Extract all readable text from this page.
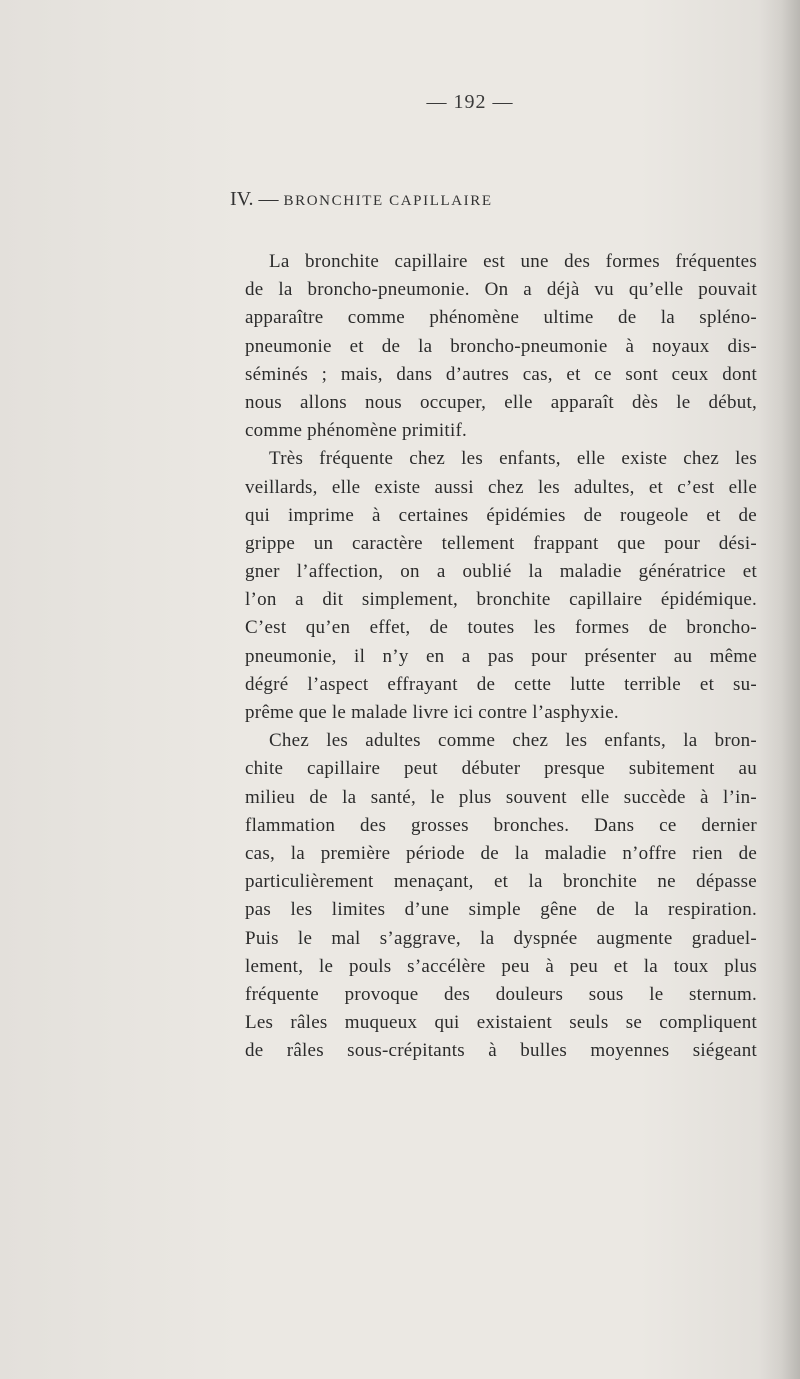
— 192 —
IV. — BRONCHITE CAPILLAIRE
La bronchite capillaire est une des formes fréquentes
de la broncho-pneumonie. On a déjà vu qu’elle pouvait
apparaître comme phénomène ultime de la spléno-
pneumonie et de la broncho-pneumonie à noyaux dis-
séminés ; mais, dans d’autres cas, et ce sont ceux dont
nous allons nous occuper, elle apparaît dès le début,
comme phénomène primitif.
Très fréquente chez les enfants, elle existe chez les
veillards, elle existe aussi chez les adultes, et c’est elle
qui imprime à certaines épidémies de rougeole et de
grippe un caractère tellement frappant que pour dési-
gner l’affection, on a oublié la maladie génératrice et
l’on a dit simplement, bronchite capillaire épidémique.
C’est qu’en effet, de toutes les formes de broncho-
pneumonie, il n’y en a pas pour présenter au même
dégré l’aspect effrayant de cette lutte terrible et su-
prême que le malade livre ici contre l’asphyxie.
Chez les adultes comme chez les enfants, la bron-
chite capillaire peut débuter presque subitement au
milieu de la santé, le plus souvent elle succède à l’in-
flammation des grosses bronches. Dans ce dernier
cas, la première période de la maladie n’offre rien de
particulièrement menaçant, et la bronchite ne dépasse
pas les limites d’une simple gêne de la respiration.
Puis le mal s’aggrave, la dyspnée augmente graduel-
lement, le pouls s’accélère peu à peu et la toux plus
fréquente provoque des douleurs sous le sternum.
Les râles muqueux qui existaient seuls se compliquent
de râles sous-crépitants à bulles moyennes siégeant
